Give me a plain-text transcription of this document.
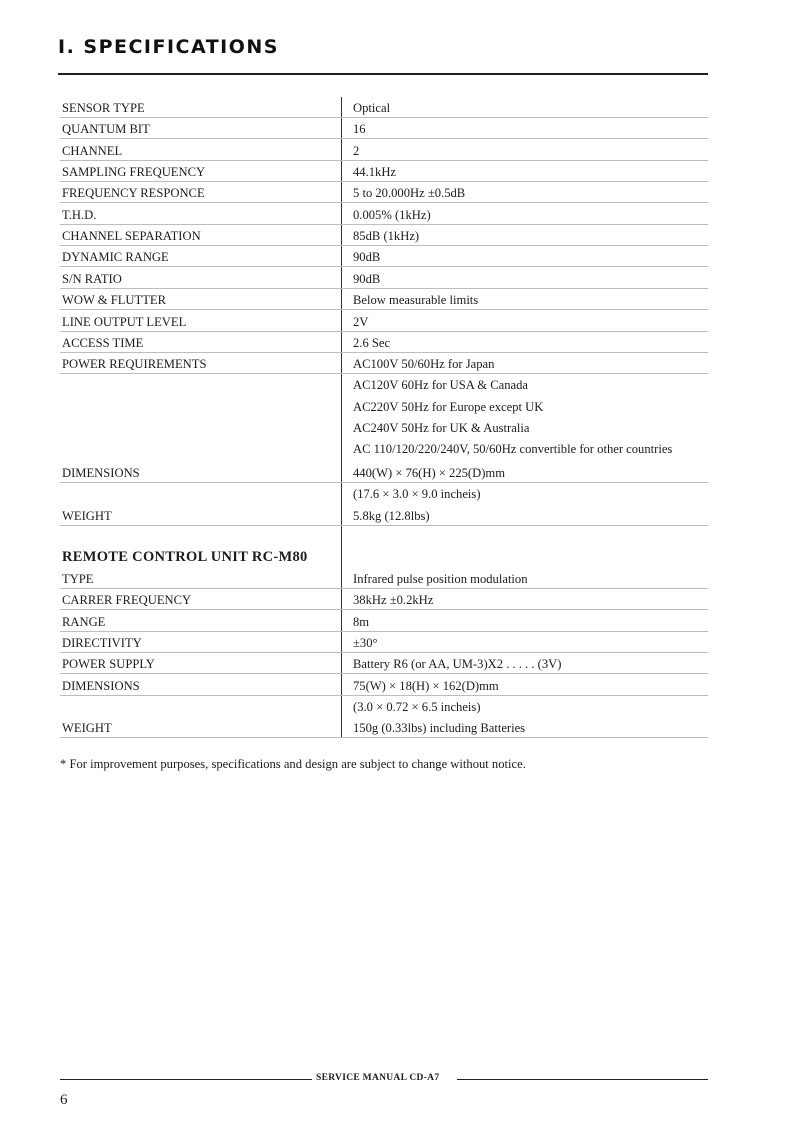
I. SPECIFICATIONS
SENSOR TYPE	Optical
QUANTUM BIT	16
CHANNEL	2
SAMPLING FREQUENCY	44.1kHz
FREQUENCY RESPONCE	5 to 20.000Hz ±0.5dB
T.H.D.	0.005% (1kHz)
CHANNEL SEPARATION	85dB (1kHz)
DYNAMIC RANGE	90dB
S/N RATIO	90dB
WOW & FLUTTER	Below measurable limits
LINE OUTPUT LEVEL	2V
ACCESS TIME	2.6 Sec
POWER REQUIREMENTS	AC100V 50/60Hz for Japan
AC120V 60Hz for USA & Canada
AC220V 50Hz for Europe except UK
AC240V 50Hz for UK & Australia
AC 110/120/220/240V, 50/60Hz convertible for other countries
DIMENSIONS	440(W) × 76(H) × 225(D)mm
(17.6 × 3.0 × 9.0 incheis)
WEIGHT	5.8kg (12.8lbs)
REMOTE CONTROL UNIT RC-M80
TYPE	Infrared pulse position modulation
CARRER FREQUENCY	38kHz ±0.2kHz
RANGE	8m
DIRECTIVITY	±30°
POWER SUPPLY	Battery R6 (or AA, UM-3)X2 . . . . . (3V)
DIMENSIONS	75(W) × 18(H) × 162(D)mm
(3.0 × 0.72 × 6.5 incheis)
WEIGHT	150g (0.33lbs) including Batteries
* For improvement purposes, specifications and design are subject to change without notice.
SERVICE MANUAL CD-A7
6
